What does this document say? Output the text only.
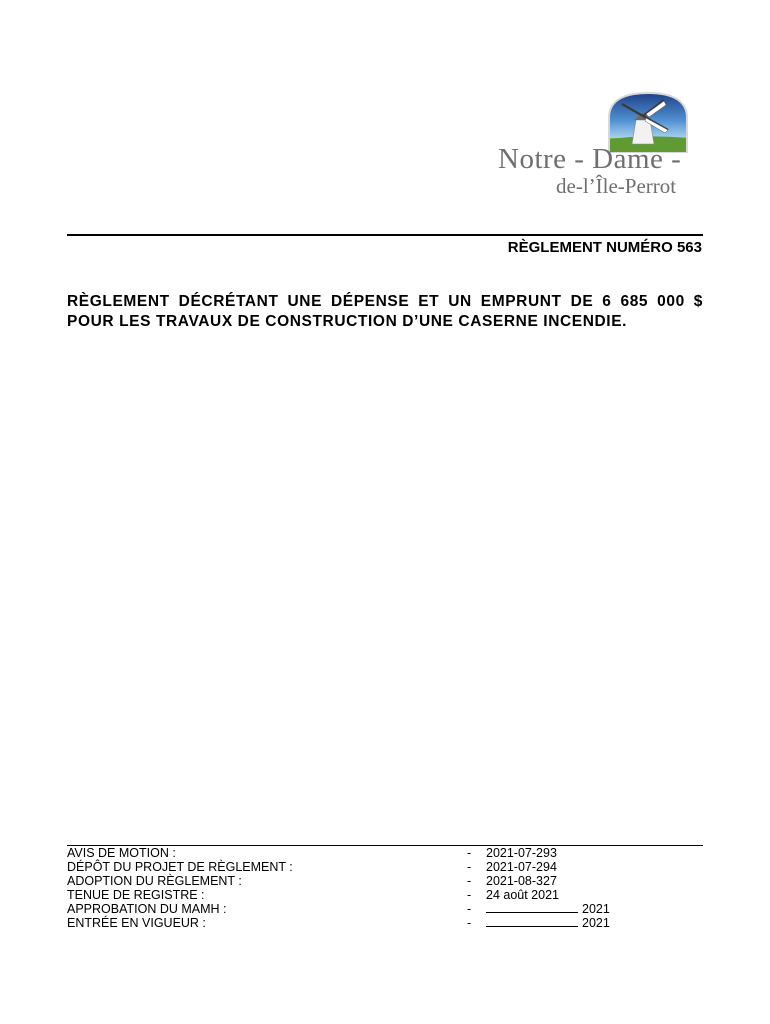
Notre - Dame -
de-l’Île-Perrot
RÈGLEMENT NUMÉRO 563
RÈGLEMENT DÉCRÉTANT UNE DÉPENSE ET UN EMPRUNT DE 6 685 000 $ POUR LES TRAVAUX DE CONSTRUCTION D’UNE CASERNE INCENDIE.
AVIS DE MOTION :	-	2021-07-293
DÉPÔT DU PROJET DE RÈGLEMENT :	-	2021-07-294
ADOPTION DU RÈGLEMENT :	-	2021-08-327
TENUE DE REGISTRE :	-	24 août 2021
APPROBATION DU MAMH :	-	2021
ENTRÉE EN VIGUEUR :	-	2021
